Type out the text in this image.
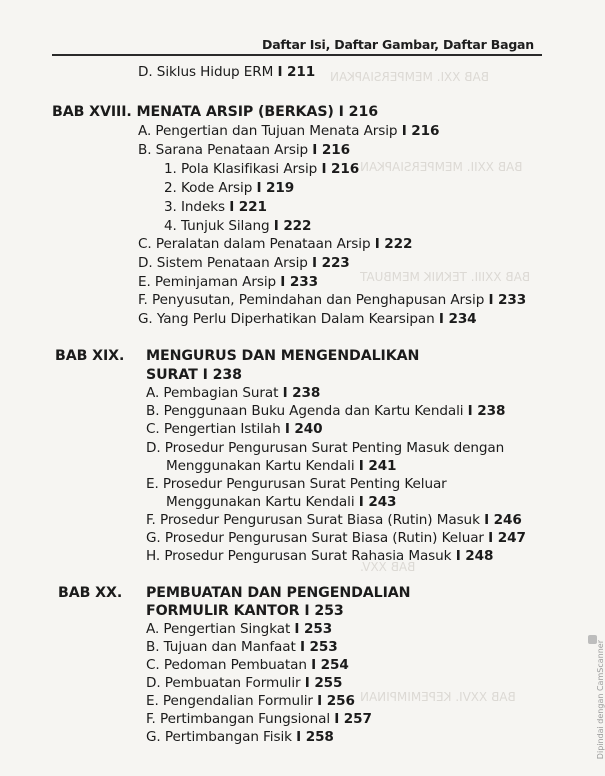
BAB XXI. MEMPERSIAPKAN
BAB XXII. MEMPERSIAPKAN
BAB XXIII. TEKNIK MEMBUAT
BAB XXV.
BAB XXVI. KEPEMIMPINAN
Daftar Isi, Daftar Gambar, Daftar Bagan
D. Siklus Hidup ERM I 211
BAB XVIII. MENATA ARSIP (BERKAS) I 216
A. Pengertian dan Tujuan Menata Arsip I 216
B. Sarana Penataan Arsip I 216
1. Pola Klasifikasi Arsip I 216
2. Kode Arsip I 219
3. Indeks I 221
4. Tunjuk Silang I 222
C. Peralatan dalam Penataan Arsip I 222
D. Sistem Penataan Arsip I 223
E. Peminjaman Arsip I 233
F. Penyusutan, Pemindahan dan Penghapusan Arsip I 233
G. Yang Perlu Diperhatikan Dalam Kearsipan I 234
BAB XIX. MENGURUS DAN MENGENDALIKAN
SURAT I 238
A. Pembagian Surat I 238
B. Penggunaan Buku Agenda dan Kartu Kendali I 238
C. Pengertian Istilah I 240
D. Prosedur Pengurusan Surat Penting Masuk dengan
Menggunakan Kartu Kendali I 241
E. Prosedur Pengurusan Surat Penting Keluar
Menggunakan Kartu Kendali I 243
F. Prosedur Pengurusan Surat Biasa (Rutin) Masuk I 246
G. Prosedur Pengurusan Surat Biasa (Rutin) Keluar I 247
H. Prosedur Pengurusan Surat Rahasia Masuk I 248
BAB XX. PEMBUATAN DAN PENGENDALIAN
FORMULIR KANTOR I 253
A. Pengertian Singkat I 253
B. Tujuan dan Manfaat I 253
C. Pedoman Pembuatan I 254
D. Pembuatan Formulir I 255
E. Pengendalian Formulir I 256
F. Pertimbangan Fungsional I 257
G. Pertimbangan Fisik I 258	Dipindai dengan CamScanner
